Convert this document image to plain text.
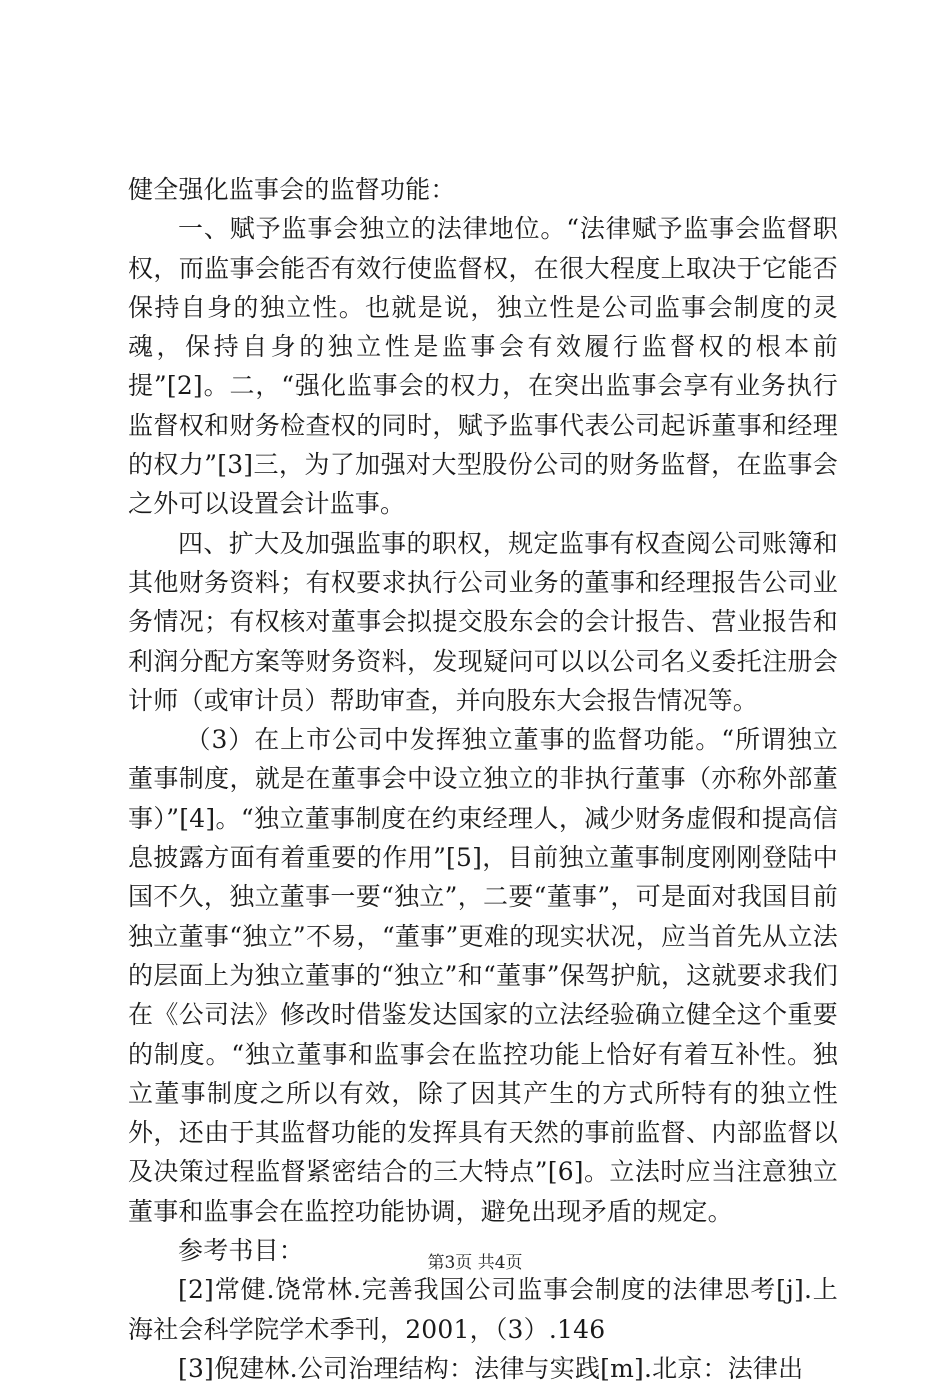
健全强化监事会的监督功能：

一、赋予监事会独立的法律地位。“法律赋予监事会监督职权，而监事会能否有效行使监督权，在很大程度上取决于它能否保持自身的独立性。也就是说，独立性是公司监事会制度的灵魂，保持自身的独立性是监事会有效履行监督权的根本前提”[2]。二，“强化监事会的权力，在突出监事会享有业务执行监督权和财务检查权的同时，赋予监事代表公司起诉董事和经理的权力”[3]三，为了加强对大型股份公司的财务监督，在监事会之外可以设置会计监事。

四、扩大及加强监事的职权，规定监事有权查阅公司账簿和其他财务资料；有权要求执行公司业务的董事和经理报告公司业务情况；有权核对董事会拟提交股东会的会计报告、营业报告和利润分配方案等财务资料，发现疑问可以以公司名义委托注册会计师（或审计员）帮助审查，并向股东大会报告情况等。

（3）在上市公司中发挥独立董事的监督功能。“所谓独立董事制度，就是在董事会中设立独立的非执行董事（亦称外部董事）”[4]。“独立董事制度在约束经理人，减少财务虚假和提高信息披露方面有着重要的作用”[5]，目前独立董事制度刚刚登陆中国不久，独立董事一要“独立”，二要“董事”，可是面对我国目前独立董事“独立”不易，“董事”更难的现实状况，应当首先从立法的层面上为独立董事的“独立”和“董事”保驾护航，这就要求我们在《公司法》修改时借鉴发达国家的立法经验确立健全这个重要的制度。“独立董事和监事会在监控功能上恰好有着互补性。独立董事制度之所以有效，除了因其产生的方式所特有的独立性外，还由于其监督功能的发挥具有天然的事前监督、内部监督以及决策过程监督紧密结合的三大特点”[6]。立法时应当注意独立董事和监事会在监控功能协调，避免出现矛盾的规定。

参考书目：

[2]常健.饶常林.完善我国公司监事会制度的法律思考[j].上海社会科学院学术季刊，2001，（3）.146

[3]倪建林.公司治理结构：法律与实践[m].北京：法律出

第3页 共4页
